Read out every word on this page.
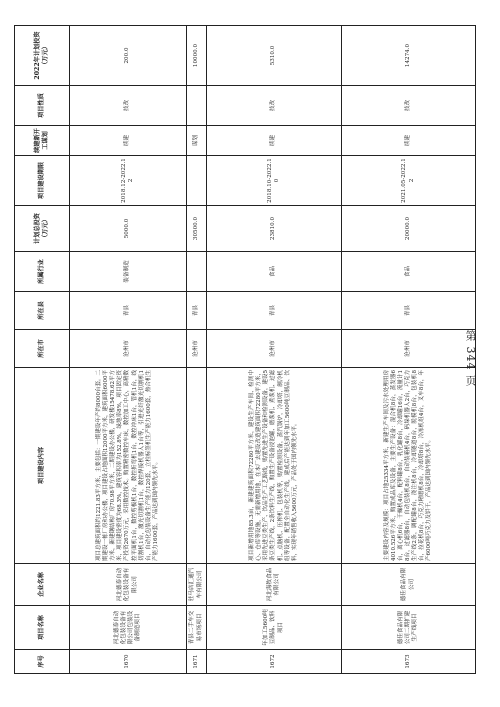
第 344 页
序号	项目名称	企业名称	项目建设内容	所在市	所在县	所属行业	计划总投资（万元）	项目建设期限	续建新开工谋划	项目性质	2022年计划投资（万元）
1670	河北德泰自动化包装设备有限公司包装设备制造项目	河北德泰自动化包装设备有限公司	项目总建筑面积约1221.83平方米，主要包括：一期建设年产约8000台套。二期建设一栋厂房和办公楼，项目建设占地面积12000平方米，建筑面积6000平方米，新建钢结构厂房70.98平方米，二期建设办公楼，研发楼15478.62平方米，项目建设密度为68.3%，建筑容积率为152.8%，绿地率8%，项目固定资产投资2670万元，采用数控技术。购置精密数控车床，数控加工中心，高精数控平面机1台，数控剪板机1台，数控折弯机1台，数控冲床1台，管机1台，线切割机1台，激光切割机1台，数控焊接机器人1台等，引进光纤激光切割机1台，自动化包装设备生产能力120套，立柱标签机生产能力1600套，热合机生产能力1600套，产品达到国内领先水平。	沧州市	青县	装备制造	5000.0	2018.12-2022.12	续建	技改	200.0
1671	青县二手车交易市场项目	驻马店汇通汽车有限公司		沧州市	青县		30500.0		谋划		10000.0
1672	年加工5600吨豆制品、饮料项目	河北海牧食品有限公司	项目新增用地85.3亩，新建建筑面积72280平方米，建设生产车间、检测中心、仓库等设施，无需新增用地，在本厂去建设改造建筑面积72280平方米，采用先进豆类生产、饮品生产工艺路线，购置先进生产设备和检测设备，建设5条豆类生产线，2条饮料生产线，购置生产设备浸泡罐、磨浆机、煮浆机、过滤机、点脑机、压榨机、包装机等，购置检测设备，蒸汽锅炉，冷却塔，制冷机组等设备，配置全自动化生产线，建成后产能达到年加工5600吨豆制品、饮料，实现年销售收入5600万元，产品处于国内领先水平。	沧州市	青县	食品	23810.0	2018.10-2022.10	续建	技改	5310.0
1673	德佳食品有限公司二期扩建生产线项目	德佳食品有限公司	主要建设内容及规模：项目占地25334平方米，新建生产车间及污水处理用房4010.526平方米，购置成品库及设备，主要生产设备：混合机8台，蒸发器6台，离心机6台，干燥机4台，配料罐8台，乳化罐8台，冷却罐16台，流量计18台，过滤器8台，自动包装机8台，自动装箱机4台，码垛机器人2台，巧克力生产线2条，调配罐8台，浇注机8台，冷却隧道8台，脱模机8台，包装机8台，拉花机8台，巧克力精磨机8台，冷却塔8台，冷冻机组4台，叉车8台，年产6000吨巧克力及饼干，产品达到国内领先水平。	沧州市	青县	食品	20000.0	2021.05-2022.12	续建	技改	14274.0
